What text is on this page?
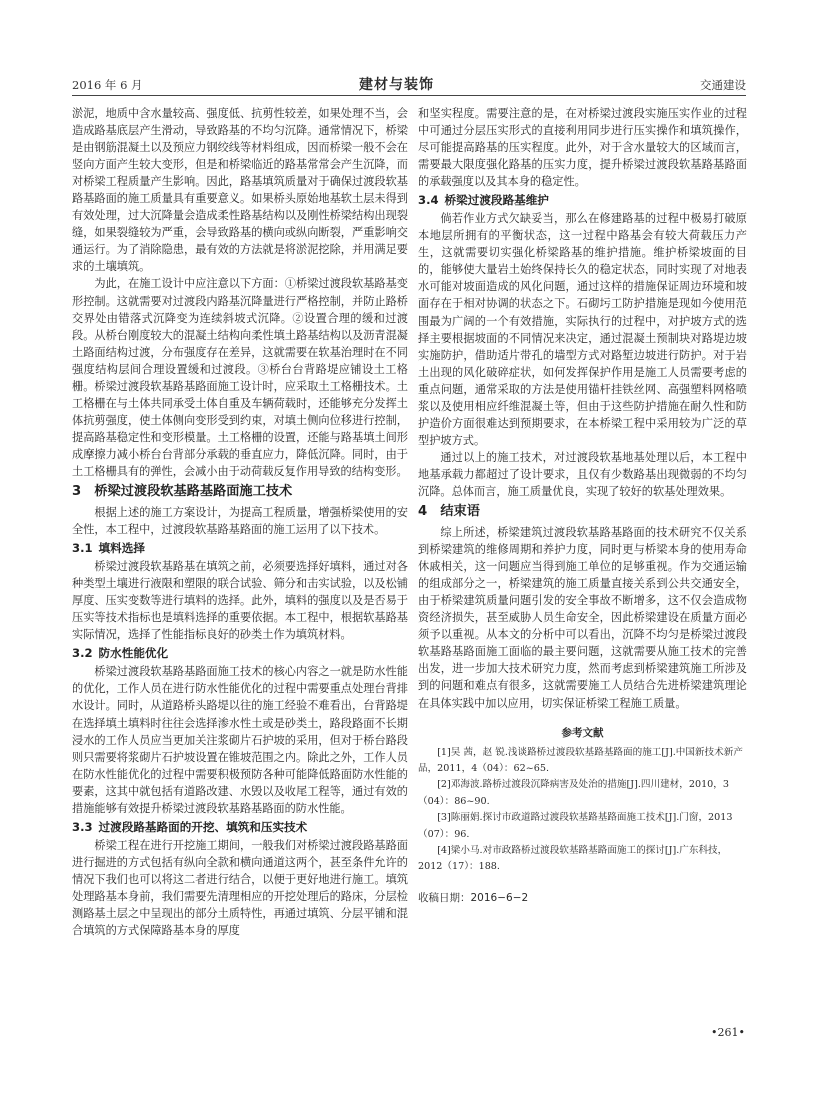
2016 年 6 月	建材与装饰	交通建设

淤泥，地质中含水量较高、强度低、抗剪性较差，如果处理不当，会造成路基底层产生滑动，导致路基的不均匀沉降。通常情况下，桥梁是由钢筋混凝土以及预应力钢绞线等材料组成，因而桥梁一般不会在竖向方面产生较大变形，但是和桥梁临近的路基常常会产生沉降，而对桥梁工程质量产生影响。因此，路基填筑质量对于确保过渡段软基路基路面的施工质量具有重要意义。如果桥头原始地基软土层未得到有效处理，过大沉降量会造成柔性路基结构以及刚性桥梁结构出现裂缝，如果裂缝较为严重，会导致路基的横向或纵向断裂，严重影响交通运行。为了消除隐患，最有效的方法就是将淤泥挖除，并用满足要求的土壤填筑。

为此，在施工设计中应注意以下方面：①桥梁过渡段软基路基变形控制。这就需要对过渡段内路基沉降量进行严格控制，并防止路桥交界处由错落式沉降变为连续斜坡式沉降。②设置合理的缓和过渡段。从桥台刚度较大的混凝土结构向柔性填土路基结构以及沥青混凝土路面结构过渡，分布强度存在差异，这就需要在软基治理时在不同强度结构层间合理设置缓和过渡段。③桥台台背路堤应铺设土工格栅。桥梁过渡段软基路基路面施工设计时，应采取土工格栅技术。土工格栅在与土体共同承受土体自重及车辆荷载时，还能够充分发挥土体抗剪强度，使土体侧向变形受到约束，对填土侧向位移进行控制，提高路基稳定性和变形模量。土工格栅的设置，还能与路基填土间形成摩擦力减小桥台台背部分承载的垂直应力，降低沉降。同时，由于土工格栅具有的弹性，会减小由于动荷载反复作用导致的结构变形。

3　桥梁过渡段软基路基路面施工技术

根据上述的施工方案设计，为提高工程质量，增强桥梁使用的安全性，本工程中，过渡段软基路基路面的施工运用了以下技术。

3.1 填料选择

桥梁过渡段软基路基在填筑之前，必须要选择好填料，通过对各种类型土壤进行液限和塑限的联合试验、筛分和击实试验，以及松铺厚度、压实变数等进行填料的选择。此外，填料的强度以及是否易于压实等技术指标也是填料选择的重要依据。本工程中，根据软基路基实际情况，选择了性能指标良好的砂类土作为填筑材料。

3.2 防水性能优化

桥梁过渡段软基路基路面施工技术的核心内容之一就是防水性能的优化，工作人员在进行防水性能优化的过程中需要重点处理台背排水设计。同时，从道路桥头路堤以往的施工经验不难看出，台背路堤在选择填土填料时往往会选择渗水性土或是砂类土，路段路面不长期浸水的工作人员应当更加关注浆砌片石护坡的采用，但对于桥台路段则只需要将浆砌片石护坡设置在锥坡范围之内。除此之外，工作人员在防水性能优化的过程中需要积极预防各种可能降低路面防水性能的要素，这其中就包括有道路改建、水毁以及收尾工程等，通过有效的措施能够有效提升桥梁过渡段软基路基路面的防水性能。

3.3 过渡段路基路面的开挖、填筑和压实技术

桥梁工程在进行开挖施工期间，一般我们对桥梁过渡段路基路面进行掘进的方式包括有纵向全款和横向通道这两个，甚至条件允许的情况下我们也可以将这二者进行结合，以便于更好地进行施工。填筑处理路基本身前，我们需要先清理相应的开挖处理后的路床，分层检测路基土层之中呈现出的部分土质特性，再通过填筑、分层平铺和混合填筑的方式保障路基本身的厚度

和坚实程度。需要注意的是，在对桥梁过渡段实施压实作业的过程中可通过分层压实形式的直接利用同步进行压实操作和填筑操作，尽可能提高路基的压实程度。此外，对于含水量较大的区域而言，需要最大限度强化路基的压实力度，提升桥梁过渡段软基路基路面的承载强度以及其本身的稳定性。

3.4 桥梁过渡段路基维护

倘若作业方式欠缺妥当，那么在修建路基的过程中极易打破原本地层所拥有的平衡状态，这一过程中路基会有较大荷载压力产生，这就需要切实强化桥梁路基的维护措施。维护桥梁坡面的目的，能够使大量岩土始终保持长久的稳定状态，同时实现了对地表水可能对坡面造成的风化问题，通过这样的措施保证周边环境和坡面存在于相对协调的状态之下。石砌圬工防护措施是现如今使用范围最为广阔的一个有效措施，实际执行的过程中，对护坡方式的选择主要根据坡面的不同情况来决定，通过混凝土预制块对路堤边坡实施防护，借助适片带孔的墙型方式对路堑边坡进行防护。对于岩土出现的风化破碎症状，如何发挥保护作用是施工人员需要考虑的重点问题，通常采取的方法是使用锚杆挂铁丝网、高强塑料网格喷浆以及使用相应纤维混凝土等，但由于这些防护措施在耐久性和防护造价方面很难达到预期要求，在本桥梁工程中采用较为广泛的草型护坡方式。

通过以上的施工技术，对过渡段软基地基处理以后，本工程中地基承载力都超过了设计要求，且仅有少数路基出现微弱的不均匀沉降。总体而言，施工质量优良，实现了较好的软基处理效果。

4　结束语

综上所述，桥梁建筑过渡段软基路基路面的技术研究不仅关系到桥梁建筑的维修周期和养护力度，同时更与桥梁本身的使用寿命休戚相关，这一问题应当得到施工单位的足够重视。作为交通运输的组成部分之一，桥梁建筑的施工质量直接关系到公共交通安全，由于桥梁建筑质量问题引发的安全事故不断增多，这不仅会造成物资经济损失，甚至威胁人员生命安全，因此桥梁建设在质量方面必须予以重视。从本文的分析中可以看出，沉降不均匀是桥梁过渡段软基路基路面施工面临的最主要问题，这就需要从施工技术的完善出发，进一步加大技术研究力度，然而考虑到桥梁建筑施工所涉及到的问题和难点有很多，这就需要施工人员结合先进桥梁建筑理论在具体实践中加以应用，切实保证桥梁工程施工质量。

参考文献

[1]吴 茜，赵 锐.浅谈路桥过渡段软基路基路面的施工[J].中国新技术新产品，2011，4（04）：62~65.

[2]邓海波.路桥过渡段沉降病害及处治的措施[J].四川建材，2010，3（04）：86~90.

[3]陈丽娟.探讨市政道路过渡段软基路基路面施工技术[J].门窗，2013（07）：96.

[4]梁小马.对市政路桥过渡段软基路基路面施工的探讨[J].广东科技，2012（17）：188.

收稿日期：2016−6−2
•261•
